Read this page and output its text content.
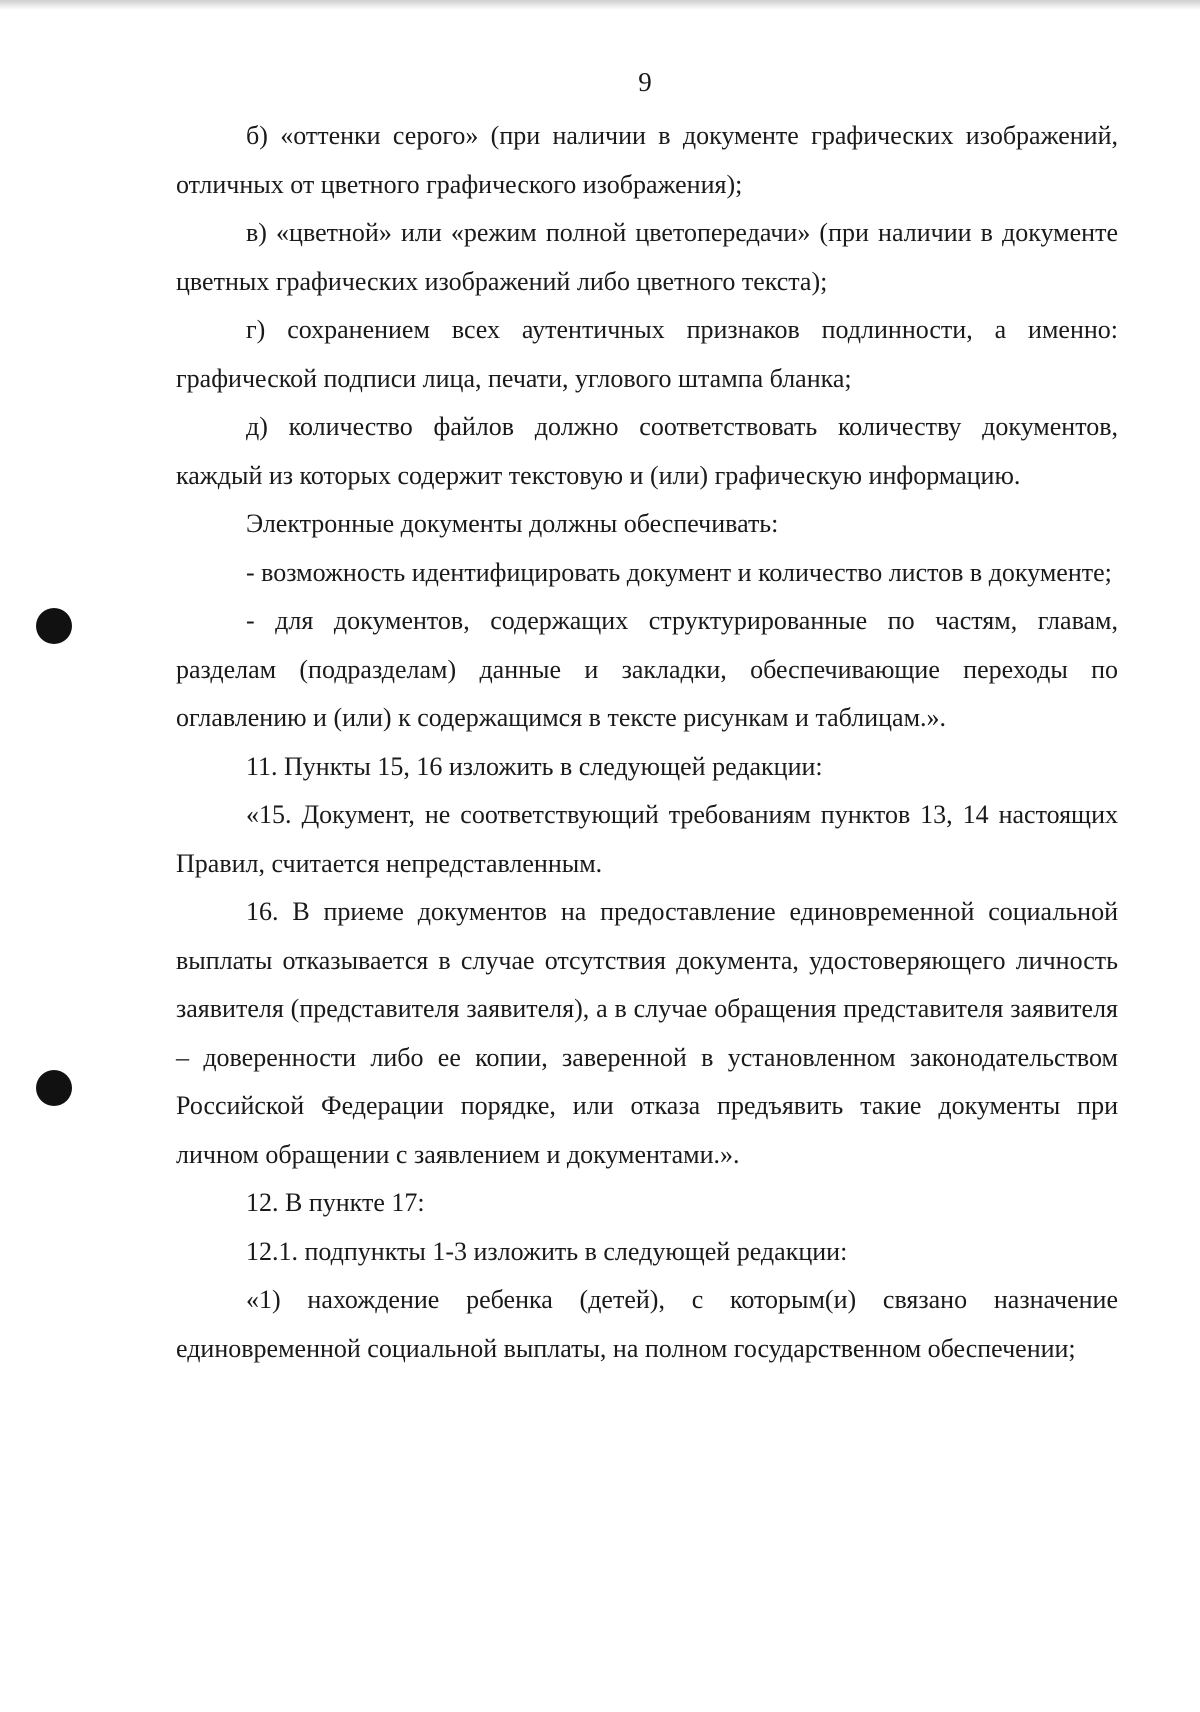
9

б) «оттенки серого» (при наличии в документе графических изображений, отличных от цветного графического изображения);

в) «цветной» или «режим полной цветопередачи» (при наличии в документе цветных графических изображений либо цветного текста);

г) сохранением всех аутентичных признаков подлинности, а именно: графической подписи лица, печати, углового штампа бланка;

д) количество файлов должно соответствовать количеству документов, каждый из которых содержит текстовую и (или) графическую информацию.

Электронные документы должны обеспечивать:

- возможность идентифицировать документ и количество листов в документе;

- для документов, содержащих структурированные по частям, главам, разделам (подразделам) данные и закладки, обеспечивающие переходы по оглавлению и (или) к содержащимся в тексте рисункам и таблицам.».

11. Пункты 15, 16 изложить в следующей редакции:

«15. Документ, не соответствующий требованиям пунктов 13, 14 настоящих Правил, считается непредставленным.

16. В приеме документов на предоставление единовременной социальной выплаты отказывается в случае отсутствия документа, удостоверяющего личность заявителя (представителя заявителя), а в случае обращения представителя заявителя – доверенности либо ее копии, заверенной в установленном законодательством Российской Федерации порядке, или отказа предъявить такие документы при личном обращении с заявлением и документами.».

12. В пункте 17:

12.1. подпункты 1-3 изложить в следующей редакции:

«1) нахождение ребенка (детей), с которым(и) связано назначение единовременной социальной выплаты, на полном государственном обеспечении;
